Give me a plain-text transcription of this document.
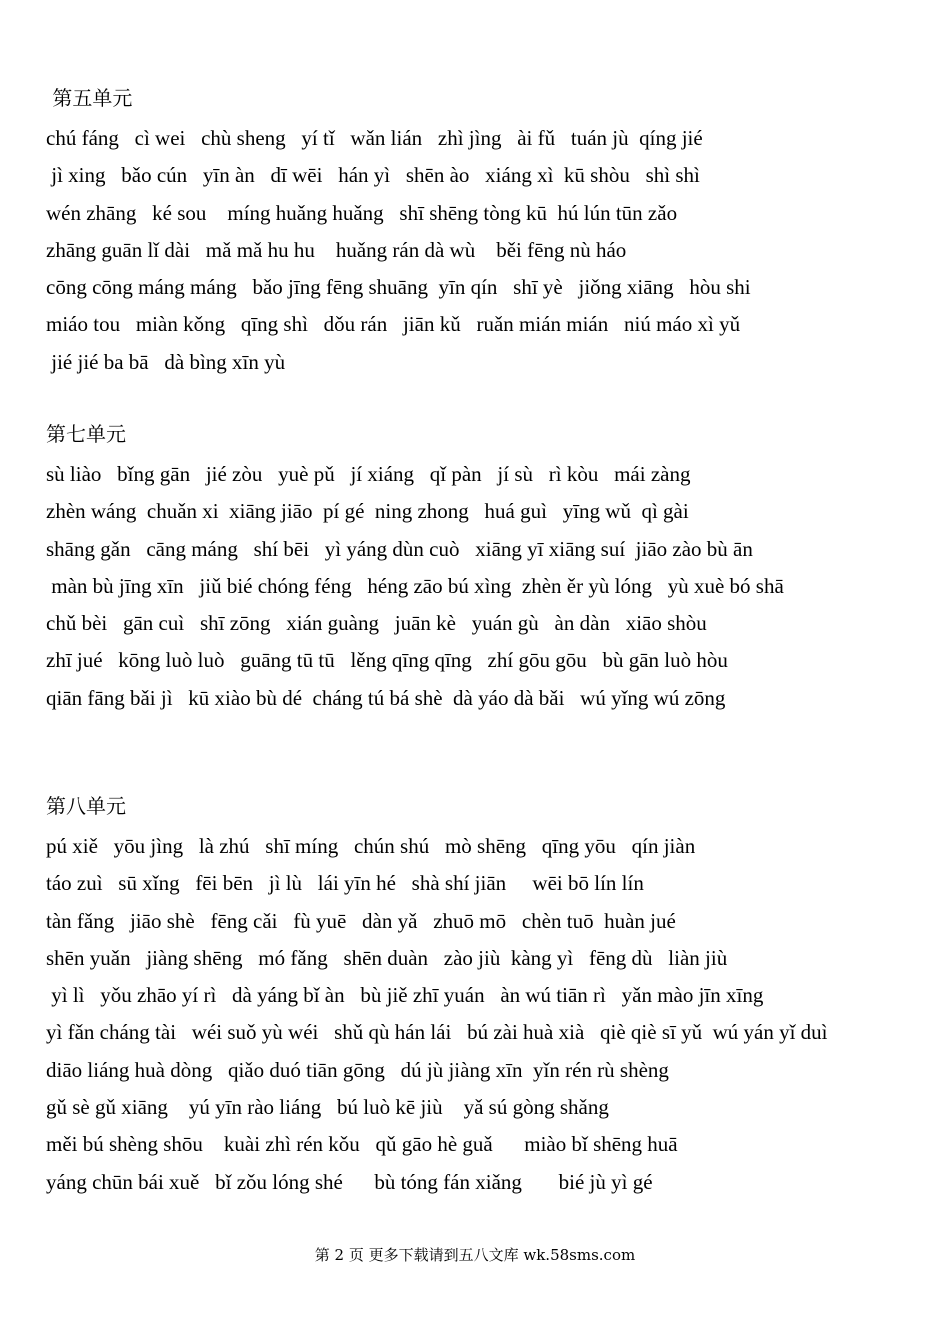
第五单元

chú fáng   cì wei   chù sheng   yí tǐ   wǎn lián   zhì jìng   ài fǔ   tuán jù  qíng jié

jì xing   bǎo cún   yīn àn   dī wēi   hán yì   shēn ào   xiáng xì  kū shòu   shì shì

wén zhāng   ké sou    míng huǎng huǎng   shī shēng tòng kū  hú lún tūn zǎo

zhāng guān lǐ dài   mǎ mǎ hu hu    huǎng rán dà wù    běi fēng nù háo

cōng cōng máng máng   bǎo jīng fēng shuāng  yīn qín   shī yè   jiǒng xiāng   hòu shi

miáo tou   miàn kǒng   qīng shì   dǒu rán   jiān kǔ   ruǎn mián mián   niú máo xì yǔ

jié jié ba bā   dà bìng xīn yù

第七单元

sù liào   bǐng gān   jié zòu   yuè pǔ   jí xiáng   qǐ pàn   jí sù   rì kòu   mái zàng

zhèn wáng  chuǎn xi  xiāng jiāo  pí gé  ning zhong   huá guì   yīng wǔ  qì gài

shāng gǎn   cāng máng   shí bēi   yì yáng dùn cuò   xiāng yī xiāng suí  jiāo zào bù ān

màn bù jīng xīn   jiǔ bié chóng féng   héng zāo bú xìng  zhèn ěr yù lóng   yù xuè bó shā

chǔ bèi   gān cuì   shī zōng   xián guàng   juān kè   yuán gù   àn dàn   xiāo shòu

zhī jué   kōng luò luò   guāng tū tū   lěng qīng qīng   zhí gōu gōu   bù gān luò hòu

qiān fāng bǎi jì   kū xiào bù dé  cháng tú bá shè  dà yáo dà bǎi   wú yǐng wú zōng

第八单元

pú xiě   yōu jìng   là zhú   shī míng   chún shú   mò shēng   qīng yōu   qín jiàn

táo zuì   sū xǐng   fēi bēn   jì lù   lái yīn hé   shà shí jiān     wēi bō lín lín

tàn fǎng   jiāo shè   fēng cǎi   fù yuē   dàn yǎ   zhuō mō   chèn tuō  huàn jué

shēn yuǎn   jiàng shēng   mó fǎng   shēn duàn   zào jiù  kàng yì   fēng dù   liàn jiù

yì lì   yǒu zhāo yí rì   dà yáng bǐ àn   bù jiě zhī yuán   àn wú tiān rì   yǎn mào jīn xīng

yì fǎn cháng tài   wéi suǒ yù wéi   shǔ qù hán lái   bú zài huà xià   qiè qiè sī yǔ  wú yán yǐ duì

diāo liáng huà dòng   qiǎo duó tiān gōng   dú jù jiàng xīn  yǐn rén rù shèng

gǔ sè gǔ xiāng    yú yīn rào liáng   bú luò kē jiù    yǎ sú gòng shǎng

měi bú shèng shōu    kuài zhì rén kǒu   qǔ gāo hè guǎ      miào bǐ shēng huā

yáng chūn bái xuě   bǐ zǒu lóng shé      bù tóng fán xiǎng       bié jù yì gé

第 2 页 更多下载请到五八文库 wk.58sms.com
